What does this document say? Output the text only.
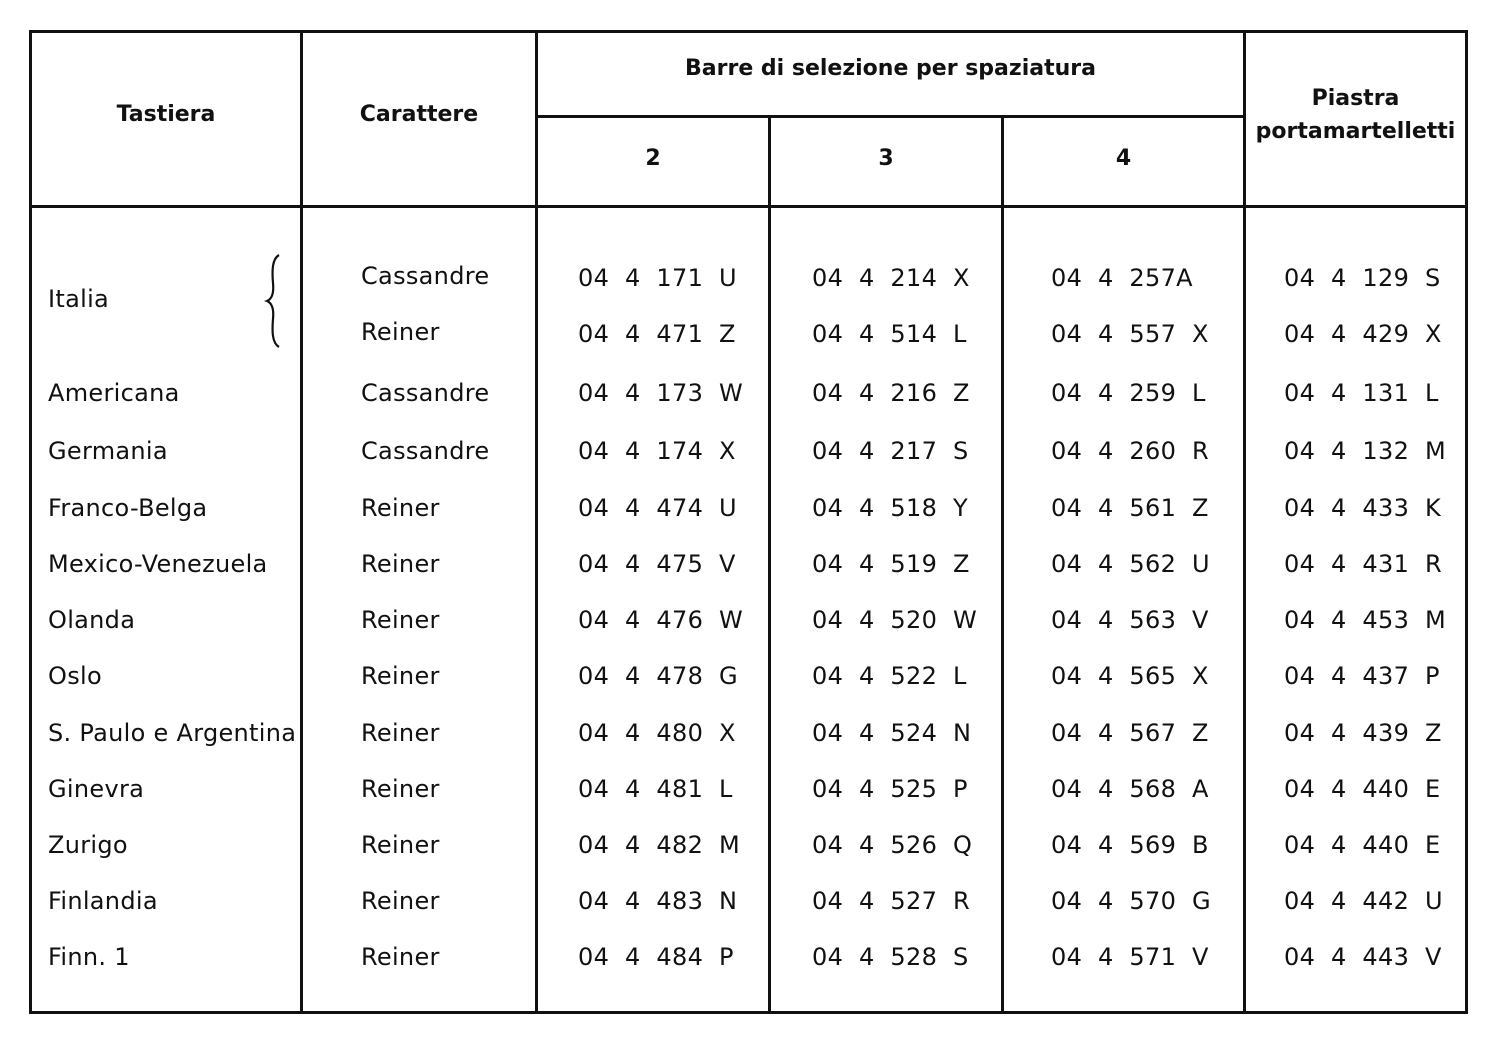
Tastiera	Carattere
Barre di selezione per spaziatura
2	3	4
Piastra
portamartelletti
Italia
Cassandre	04  4  171  U	04  4  214  X	04  4  257A	04  4  129  S
Reiner	04  4  471  Z	04  4  514  L	04  4  557  X	04  4  429  X
Americana	Cassandre	04  4  173  W	04  4  216  Z	04  4  259  L	04  4  131  L
Germania	Cassandre	04  4  174  X	04  4  217  S	04  4  260  R	04  4  132  M
Franco-Belga	Reiner	04  4  474  U	04  4  518  Y	04  4  561  Z	04  4  433  K
Mexico-Venezuela	Reiner	04  4  475  V	04  4  519  Z	04  4  562  U	04  4  431  R
Olanda	Reiner	04  4  476  W	04  4  520  W	04  4  563  V	04  4  453  M
Oslo	Reiner	04  4  478  G	04  4  522  L	04  4  565  X	04  4  437  P
S. Paulo e Argentina	Reiner	04  4  480  X	04  4  524  N	04  4  567  Z	04  4  439  Z
Ginevra	Reiner	04  4  481  L	04  4  525  P	04  4  568  A	04  4  440  E
Zurigo	Reiner	04  4  482  M	04  4  526  Q	04  4  569  B	04  4  440  E
Finlandia	Reiner	04  4  483  N	04  4  527  R	04  4  570  G	04  4  442  U
Finn. 1	Reiner	04  4  484  P	04  4  528  S	04  4  571  V	04  4  443  V
